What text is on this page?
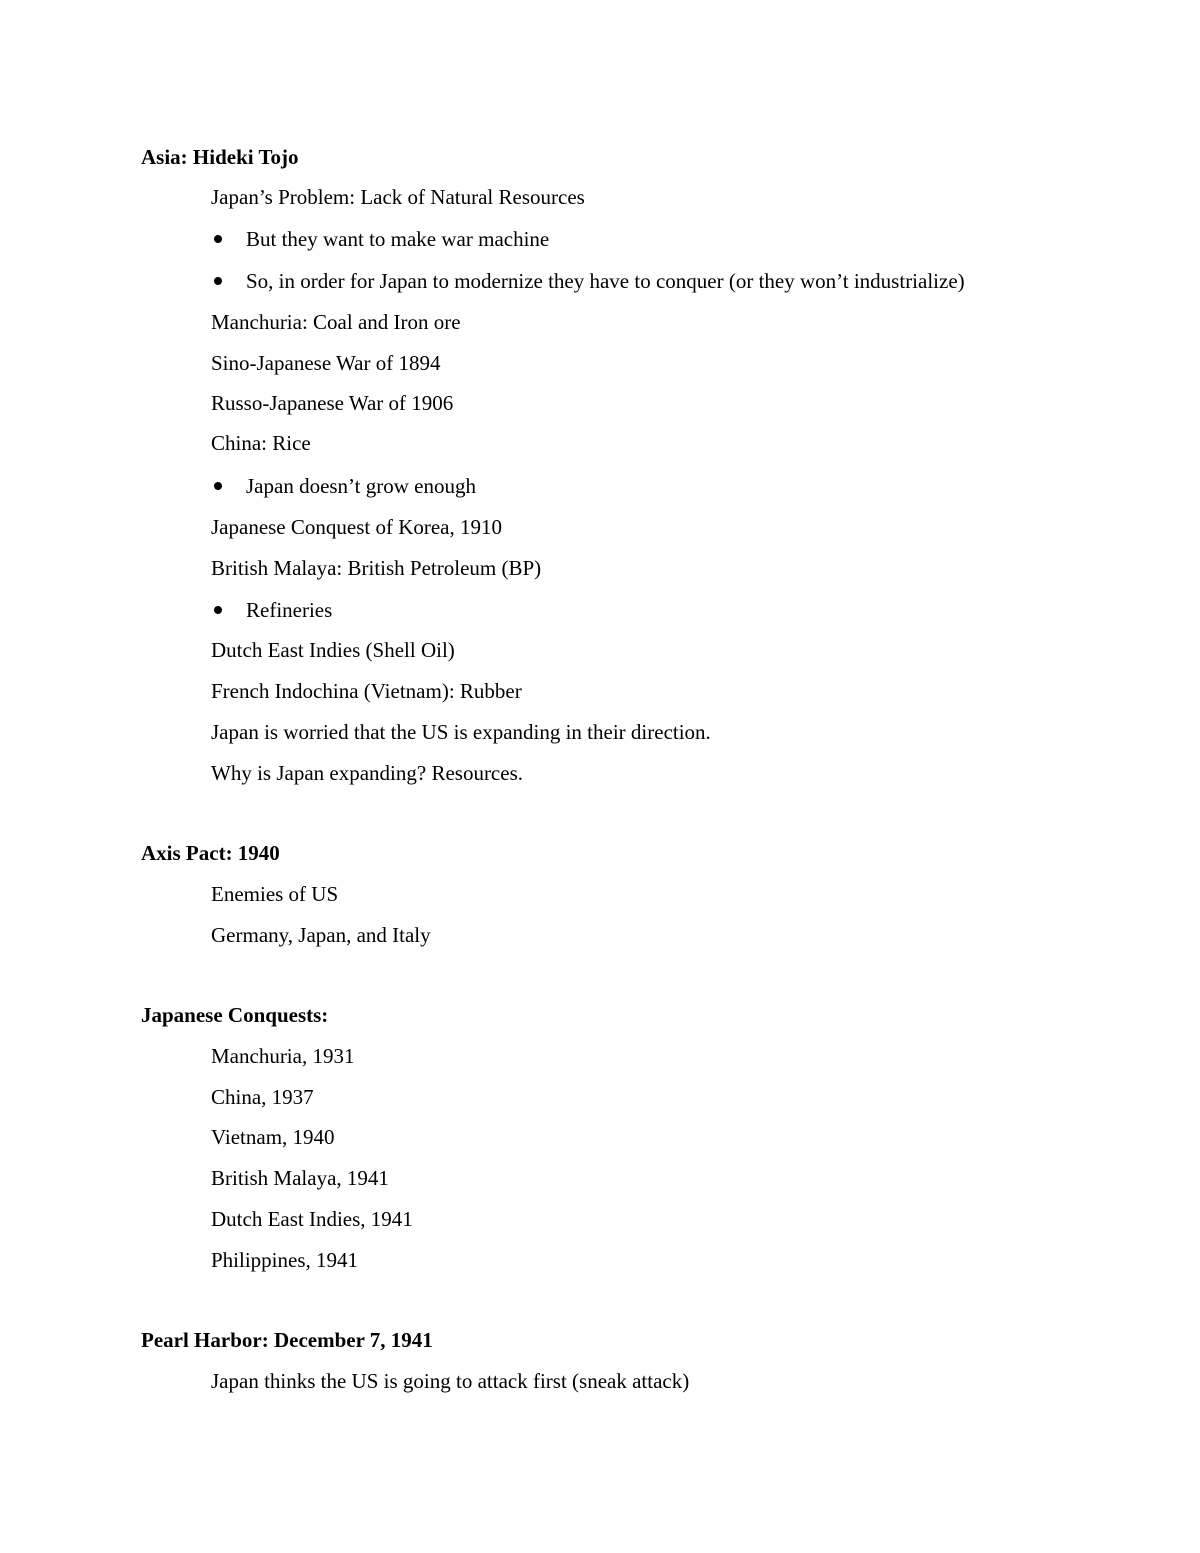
Asia: Hideki Tojo
Japan’s Problem: Lack of Natural Resources
But they want to make war machine
So, in order for Japan to modernize they have to conquer (or they won’t industrialize)
Manchuria: Coal and Iron ore
Sino-Japanese War of 1894
Russo-Japanese War of 1906
China: Rice
Japan doesn’t grow enough
Japanese Conquest of Korea, 1910
British Malaya: British Petroleum (BP)
Refineries
Dutch East Indies (Shell Oil)
French Indochina (Vietnam): Rubber
Japan is worried that the US is expanding in their direction.
Why is Japan expanding? Resources.
Axis Pact: 1940
Enemies of US
Germany, Japan, and Italy
Japanese Conquests:
Manchuria, 1931
China, 1937
Vietnam, 1940
British Malaya, 1941
Dutch East Indies, 1941
Philippines, 1941
Pearl Harbor: December 7, 1941
Japan thinks the US is going to attack first (sneak attack)
